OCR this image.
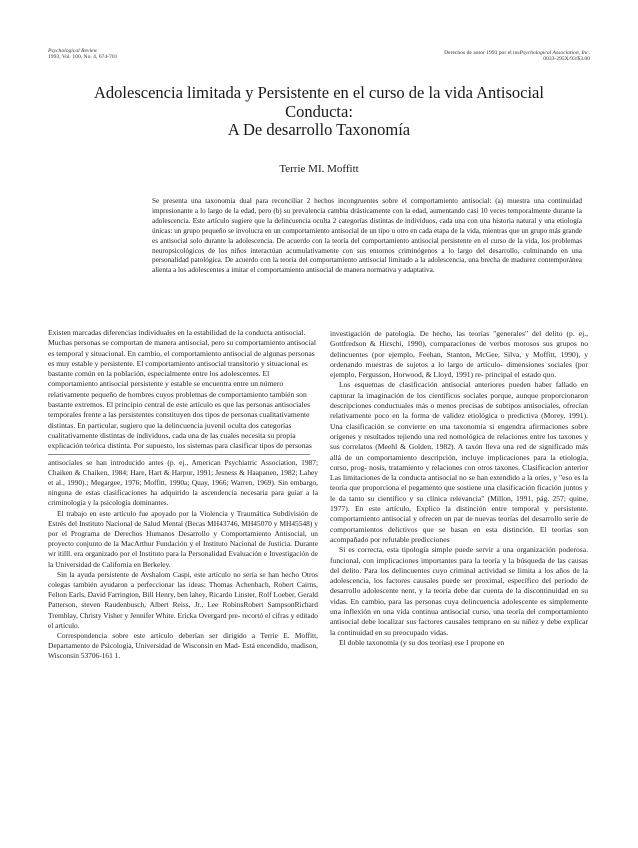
Psychological Review
1993, Vol. 100, No. 4, 674-701
Derechos de autor 1993 por el insPsychological Association, Inc.
0033-295X/93/$3.00
Adolescencia limitada y Persistente en el curso de la vida Antisocial
Conducta:
A De desarrollo Taxonomía
Terrie MI. Moffitt
Se presenta una taxonomía dual para reconciliar 2 hechos incongruentes sobre el comportamiento antisocial: (a) muestra una continuidad impresionante a lo largo de la edad, pero (b) su prevalencia cambia drásticamente con la edad, aumentando casi 10 veces temporalmente durante la adolescencia. Este artículo sugiere que la delincuencia oculta 2 categorías distintas de individuos, cada una con una historia natural y una etiología únicas: un grupo pequeño se involucra en un comportamiento antisocial de un tipo u otro en cada etapa de la vida, mientras que un grupo más grande es antisocial solo durante la adolescencia. De acuerdo con la teoría del comportamiento antisocial persistente en el curso de la vida, los problemas neuropsicológicos de los niños interactúan acumulativamente con sus entornos criminógenos a lo largo del desarrollo, culminando en una personalidad patológica. De acuerdo con la teoría del comportamiento antisocial limitado a la adolescencia, una brecha de madurez contemporánea alienta a los adolescentes a imitar el comportamiento antisocial de manera normativa y adaptativa.

Existen marcadas diferencias individuales en la estabilidad de la conducta antisocial. Muchas personas se comportan de manera antisocial, pero su comportamiento antisocial es temporal y situacional. En cambio, el comportamiento antisocial de algunas personas es muy estable y persistente. El comportamiento antisocial transitorio y situacional es bastante común en la población, especialmente entre los adolescentes. El comportamiento antisocial persistente y estable se encuentra entre un número relativamente pequeño de hombres cuyos problemas de comportamiento también son bastante extremos. El principio central de este artículo es que las personas antisociales temporales frente a las persistentes constituyen dos tipos de personas cualitativamente distintas. En particular, sugiero que la delincuencia juvenil oculta dos categorías cualitativamente distintas de individuos, cada una de las cuales necesita su propia explicación teórica distinta. Por supuesto, los sistemas para clasificar tipos de personas

antisociales se han introducido antes (p. ej., American Psychiatric Association, 1987; Chaiken & Chaiken, 1984; Hare, Hart & Harpur, 1991; Jesness & Haapanen, 1982; Lahey et al., 1990).; Megargee, 1976; Moffitt, 1990a; Quay, 1966; Warren, 1969). Sin embargo, ninguna de estas clasificaciones ha adquirido la ascendencia necesaria para guiar a la criminología y la psicología dominantes.

El trabajo en este artículo fue apoyado por la Violencia y Traumática Subdivisión de Estrés del Instituto Nacional de Salud Mental (Becas MH43746, MH45070 y MH45548) y por el Programa de Derechos Humanos Desarrollo y Comportamiento Antisocial, un proyecto conjunto de la MacArthur Fundación y el Instituto Nacional de Justicia. Durante wr itilll. era organizado por el Instituto para la Personalidad Evaluación e Investigación de la Universidad de California en Berkeley.

Sin la ayuda persistente de Avshalom Caspi, este artículo no sería se han hecho Otros colegas también ayudaron a perfeccionar las ideas: Thomas Achenbach, Robert Cairns, Felton Earls, David Farrington, Bill Henry, ben lahey, Ricardo Linster, Rolf Loeber, Gerald Patterson, steven Raudenbusch, Albert Reiss, Jr., Lee RobinsRobert SampsonRichard Tremblay, Christy Visher y Jennifer White. Ericka Overgard pre- recortó el cifras y editado el artículo.

Correspondencia sobre este artículo deberían ser dirigido a Terrie E. Moffitt, Departamento de Psicología, Universidad de Wisconsin en Mad- Está encendido, madison, Wisconsin 53706-161 1.

investigación de patología. De hecho, las teorías "generales" del delito (p. ej., Gottfredson & Hirschi, 1990), comparaciones de verbos morosos sus grupos no delincuentes (por ejemplo, Feehan, Stanton, McGee, Silva, y Moffitt, 1990), y ordenando muestras de sujetos a lo largo de artículo- dimensiones sociales (por ejemplo, Fergusson, Horwood, & Lloyd, 1991) re- principal el estado quo.

Los esquemas de clasificación antisocial anteriores pueden haber fallado en capturar la imaginación de los científicos sociales porque, aunque proporcionaron descripciones conductuales más o menos precisas de subtipos antisociales, ofrecían relativamente poco en la forma de validez etiológica o predictiva (Morey, 1991). Una clasificación se convierte en una taxonomía si engendra afirmaciones sobre orígenes y resultados tejiendo una red nomológica de relaciones entre los taxones y sus correlatos (Meehl & Golden, 1982). A taxón lleva una red de significado más allá de un comportamiento descripción, incluye implicaciones para la etiología, curso, prog- nosis, tratamiento y relaciones con otros taxones. Clasificacion anterior Las limitaciones de la conducta antisocial no se han extendido a la oríes, y "eso es la teoría que proporciona el pegamento que sostiene una clasificación ficación juntos y le da tanto su científico y su clínica relevancia" (Millon, 1991, pág. 257; quine, 1977). En este artículo, Explico la distinción entre temporal y persistente. comportamiento antisocial y ofrecen un par de nuevas teorías del desarrollo serie de comportamientos delictivos que se basan en esta distinción. El teorías son acompañado por refutable predicciones

Si es correcta, esta tipología simple puede servir a una organización poderosa. funcional, con implicaciones importantes para la teoría y la búsqueda de las causas del delito. Para los delincuentes cuyo criminal actividad se limita a los años de la adolescencia, los factores causales puede ser proximal, específico del período de desarrollo adolescente nent, y la teoría debe dar cuenta de la discontinuidad en su vidas. En cambio, para las personas cuya delincuencia adolescente es simplemente una inflexión en una vida continua antisocial curso, una teoría del comportamiento antisocial debe localizar sus factores causales temprano en su niñez y debe explicar la continuidad en su preocupado vidas.

El doble taxonomía (y su dos teorías) ese I propone en
